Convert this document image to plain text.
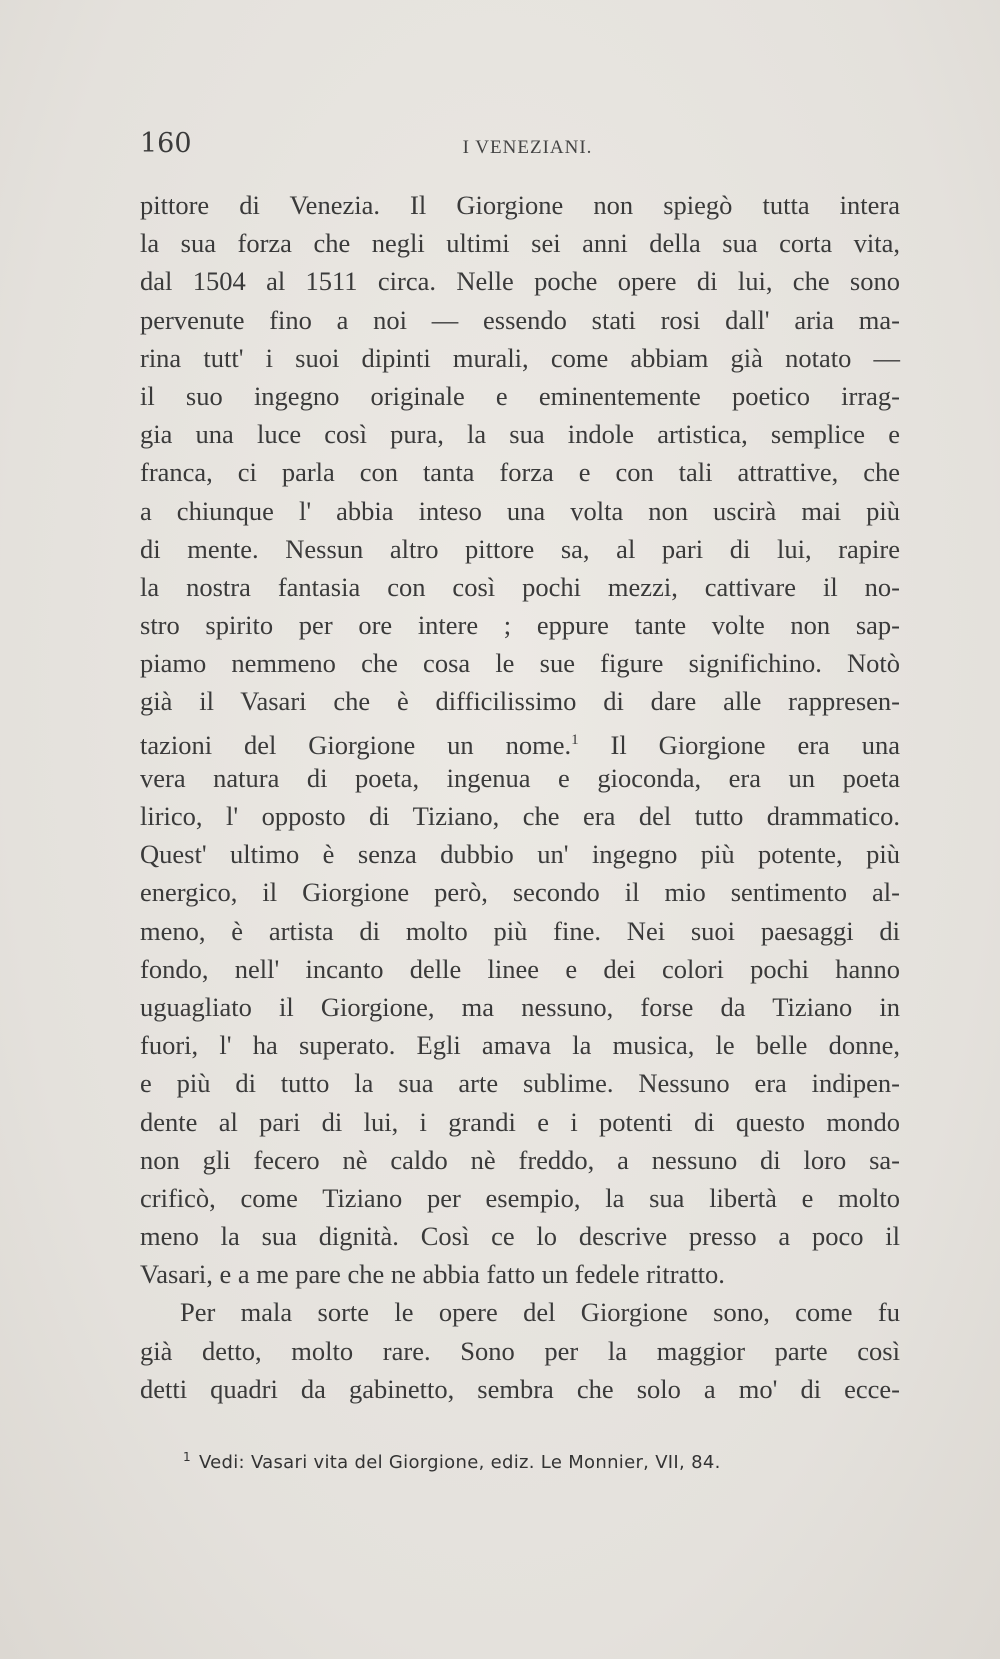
160	I VENEZIANI.
pittore di Venezia. Il Giorgione non spiegò tutta intera
la sua forza che negli ultimi sei anni della sua corta vita,
dal 1504 al 1511 circa. Nelle poche opere di lui, che sono
pervenute fino a noi — essendo stati rosi dall' aria ma-
rina tutt' i suoi dipinti murali, come abbiam già notato —
il suo ingegno originale e eminentemente poetico irrag-
gia una luce così pura, la sua indole artistica, semplice e
franca, ci parla con tanta forza e con tali attrattive, che
a chiunque l' abbia inteso una volta non uscirà mai più
di mente. Nessun altro pittore sa, al pari di lui, rapire
la nostra fantasia con così pochi mezzi, cattivare il no-
stro spirito per ore intere ; eppure tante volte non sap-
piamo nemmeno che cosa le sue figure significhino. Notò
già il Vasari che è difficilissimo di dare alle rappresen-
tazioni del Giorgione un nome.$^1$ Il Giorgione era una
vera natura di poeta, ingenua e gioconda, era un poeta
lirico, l' opposto di Tiziano, che era del tutto drammatico.
Quest' ultimo è senza dubbio un' ingegno più potente, più
energico, il Giorgione però, secondo il mio sentimento al-
meno, è artista di molto più fine. Nei suoi paesaggi di
fondo, nell' incanto delle linee e dei colori pochi hanno
uguagliato il Giorgione, ma nessuno, forse da Tiziano in
fuori, l' ha superato. Egli amava la musica, le belle donne,
e più di tutto la sua arte sublime. Nessuno era indipen-
dente al pari di lui, i grandi e i potenti di questo mondo
non gli fecero nè caldo nè freddo, a nessuno di loro sa-
crificò, come Tiziano per esempio, la sua libertà e molto
meno la sua dignità. Così ce lo descrive presso a poco il
Vasari, e a me pare che ne abbia fatto un fedele ritratto.
Per mala sorte le opere del Giorgione sono, come fu
già detto, molto rare. Sono per la maggior parte così
detti quadri da gabinetto, sembra che solo a mo' di ecce-
$^1$ Vedi: Vasari vita del Giorgione, ediz. Le Monnier, VII, 84.
